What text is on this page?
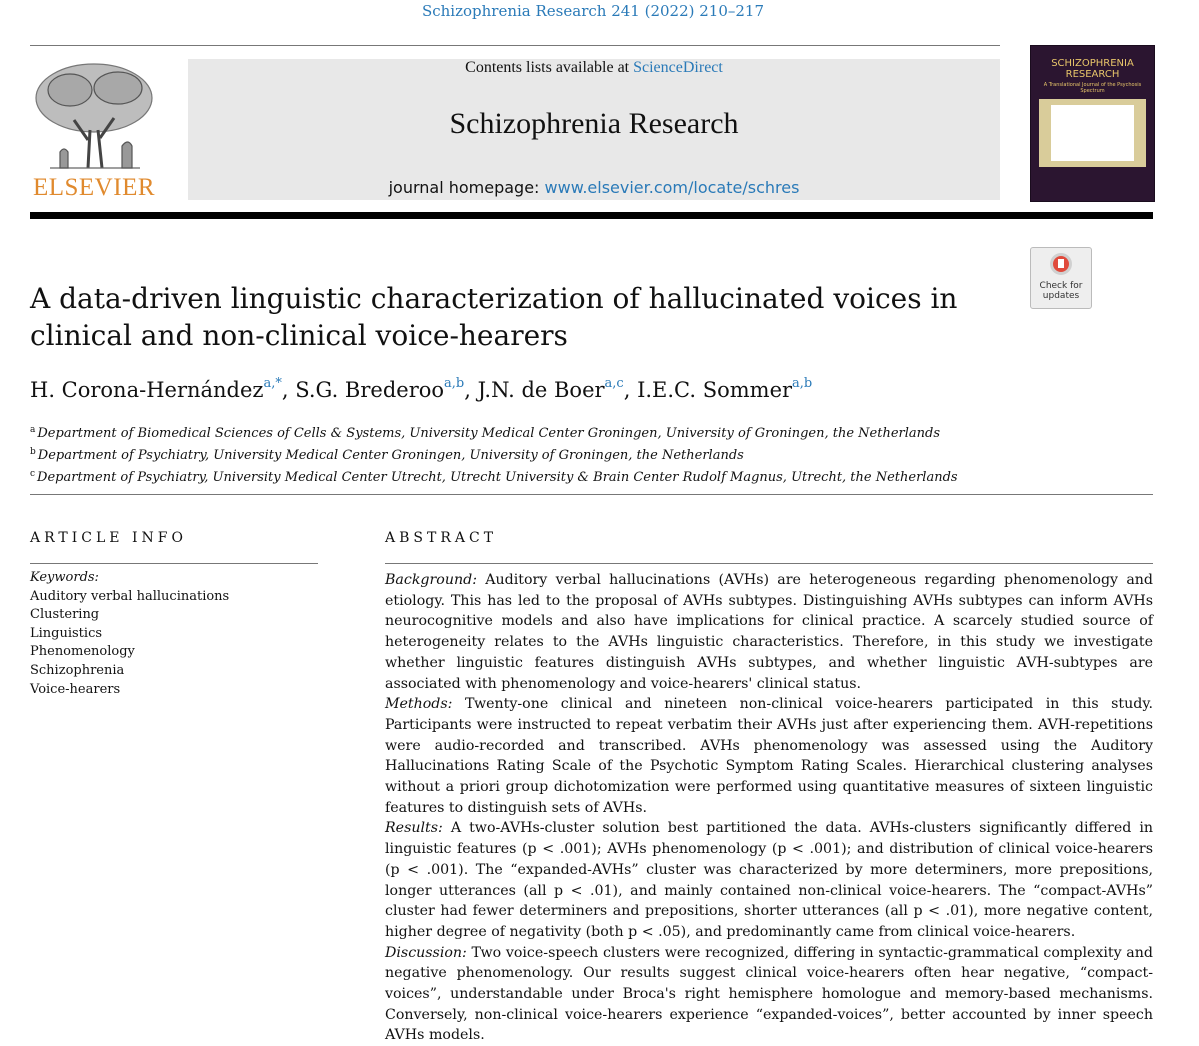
Schizophrenia Research 241 (2022) 210–217
ELSEVIER
Contents lists available at ScienceDirect
Schizophrenia Research
journal homepage: www.elsevier.com/locate/schres
SCHIZOPHRENIA
RESEARCH
A Translational Journal of the Psychosis Spectrum
Check for updates
A data-driven linguistic characterization of hallucinated voices in clinical and non-clinical voice-hearers
H. Corona-Hernández$^{a,*}$, S.G. Brederoo$^{a,b}$, J.N. de Boer$^{a,c}$, I.E.C. Sommer$^{a,b}$
$^a$ Department of Biomedical Sciences of Cells & Systems, University Medical Center Groningen, University of Groningen, the Netherlands
$^b$ Department of Psychiatry, University Medical Center Groningen, University of Groningen, the Netherlands
$^c$ Department of Psychiatry, University Medical Center Utrecht, Utrecht University & Brain Center Rudolf Magnus, Utrecht, the Netherlands
ARTICLE INFO
Keywords:
Auditory verbal hallucinations
Clustering
Linguistics
Phenomenology
Schizophrenia
Voice-hearers
ABSTRACT

Background: Auditory verbal hallucinations (AVHs) are heterogeneous regarding phenomenology and etiology. This has led to the proposal of AVHs subtypes. Distinguishing AVHs subtypes can inform AVHs neurocognitive models and also have implications for clinical practice. A scarcely studied source of heterogeneity relates to the AVHs linguistic characteristics. Therefore, in this study we investigate whether linguistic features distinguish AVHs subtypes, and whether linguistic AVH-subtypes are associated with phenomenology and voice-hearers' clinical status.

Methods: Twenty-one clinical and nineteen non-clinical voice-hearers participated in this study. Participants were instructed to repeat verbatim their AVHs just after experiencing them. AVH-repetitions were audio-recorded and transcribed. AVHs phenomenology was assessed using the Auditory Hallucinations Rating Scale of the Psychotic Symptom Rating Scales. Hierarchical clustering analyses without a priori group dichotomization were performed using quantitative measures of sixteen linguistic features to distinguish sets of AVHs.

Results: A two-AVHs-cluster solution best partitioned the data. AVHs-clusters significantly differed in linguistic features (p < .001); AVHs phenomenology (p < .001); and distribution of clinical voice-hearers (p < .001). The “expanded-AVHs” cluster was characterized by more determiners, more prepositions, longer utterances (all p < .01), and mainly contained non-clinical voice-hearers. The “compact-AVHs” cluster had fewer determiners and prepositions, shorter utterances (all p < .01), more negative content, higher degree of negativity (both p < .05), and predominantly came from clinical voice-hearers.

Discussion: Two voice-speech clusters were recognized, differing in syntactic-grammatical complexity and negative phenomenology. Our results suggest clinical voice-hearers often hear negative, “compact-voices”, understandable under Broca's right hemisphere homologue and memory-based mechanisms. Conversely, non-clinical voice-hearers experience “expanded-voices”, better accounted by inner speech AVHs models.
